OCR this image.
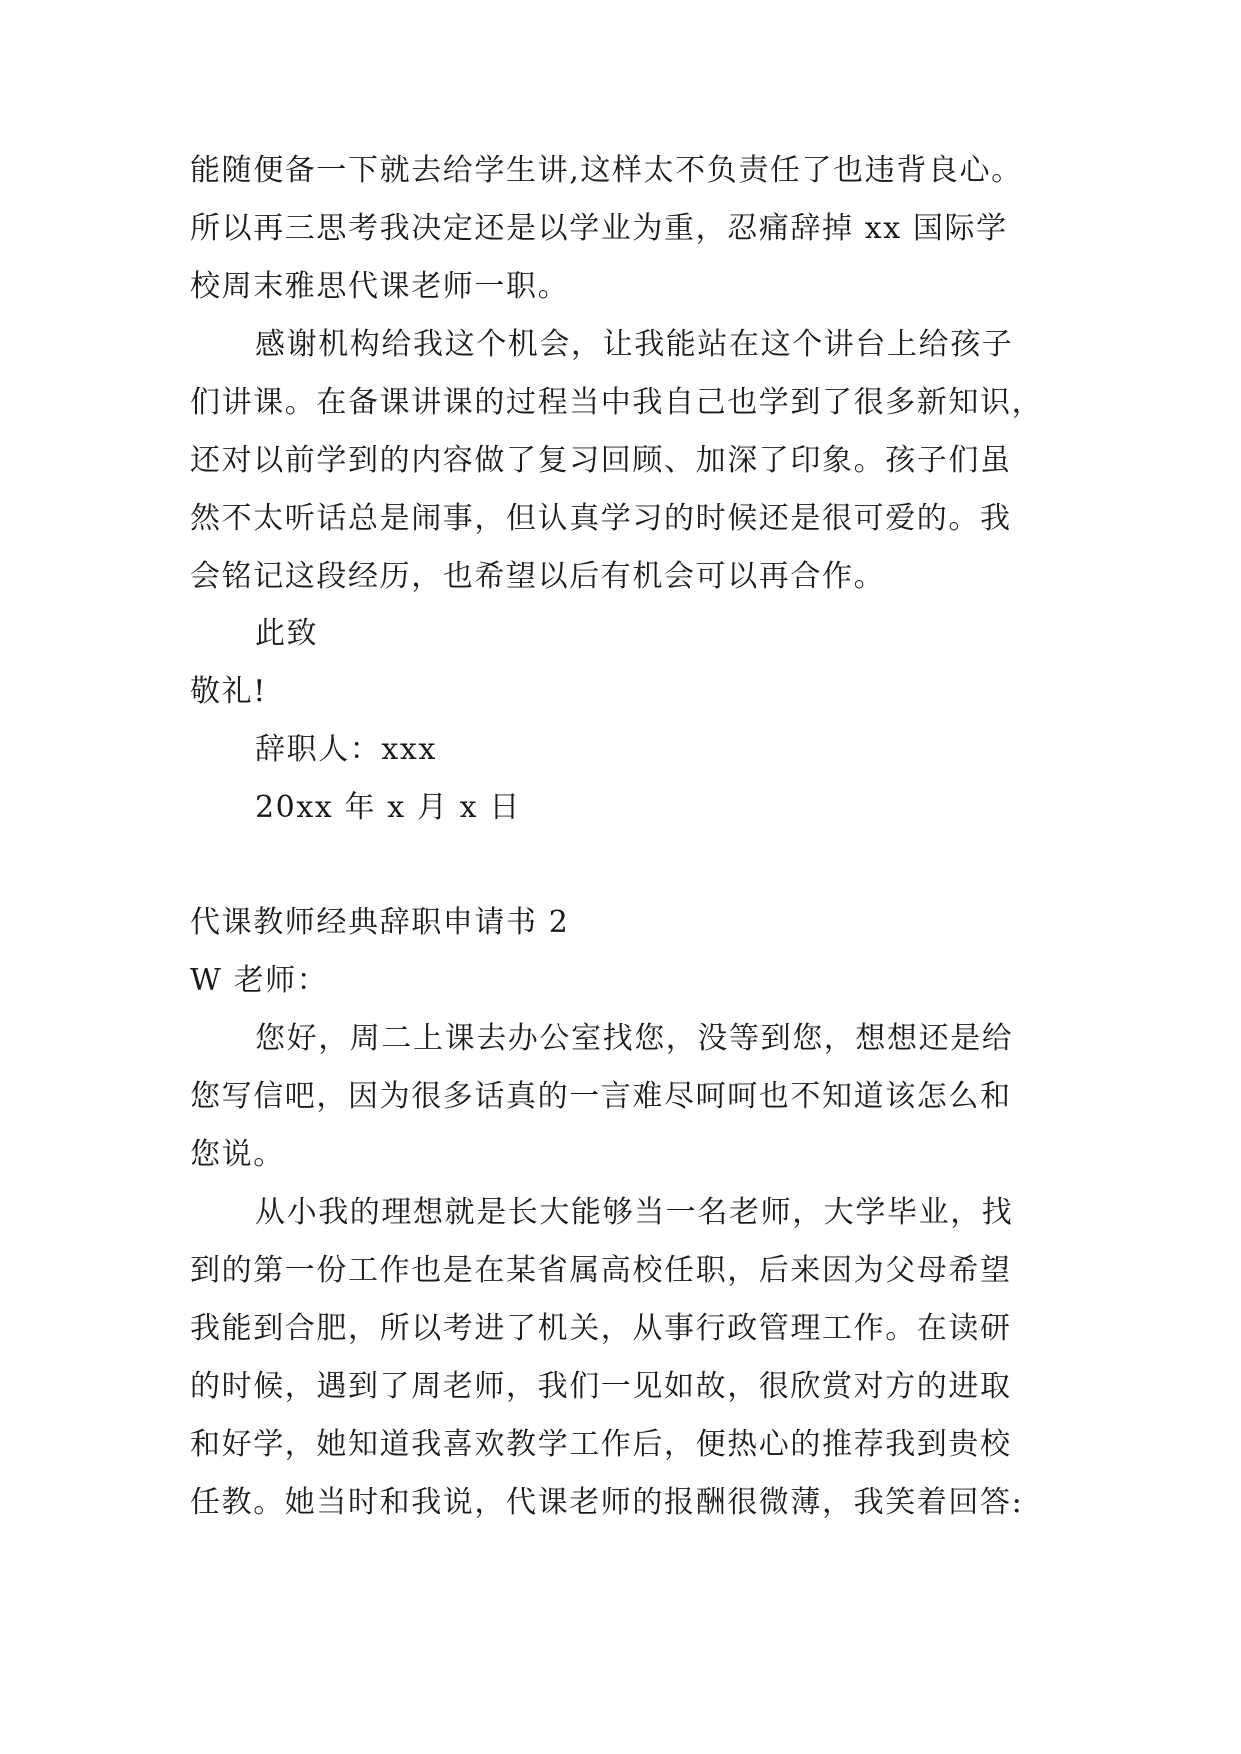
能随便备一下就去给学生讲,这样太不负责任了也违背良心。
所以再三思考我决定还是以学业为重，忍痛辞掉 xx 国际学
校周末雅思代课老师一职。
感谢机构给我这个机会，让我能站在这个讲台上给孩子
们讲课。在备课讲课的过程当中我自己也学到了很多新知识，
还对以前学到的内容做了复习回顾、加深了印象。孩子们虽
然不太听话总是闹事，但认真学习的时候还是很可爱的。我
会铭记这段经历，也希望以后有机会可以再合作。
此致
敬礼!
辞职人：xxx
20xx 年 x 月 x 日
代课教师经典辞职申请书 2
W 老师：
您好，周二上课去办公室找您，没等到您，想想还是给
您写信吧，因为很多话真的一言难尽呵呵也不知道该怎么和
您说。
从小我的理想就是长大能够当一名老师，大学毕业，找
到的第一份工作也是在某省属高校任职，后来因为父母希望
我能到合肥，所以考进了机关，从事行政管理工作。在读研
的时候，遇到了周老师，我们一见如故，很欣赏对方的进取
和好学，她知道我喜欢教学工作后，便热心的推荐我到贵校
任教。她当时和我说，代课老师的报酬很微薄，我笑着回答:
